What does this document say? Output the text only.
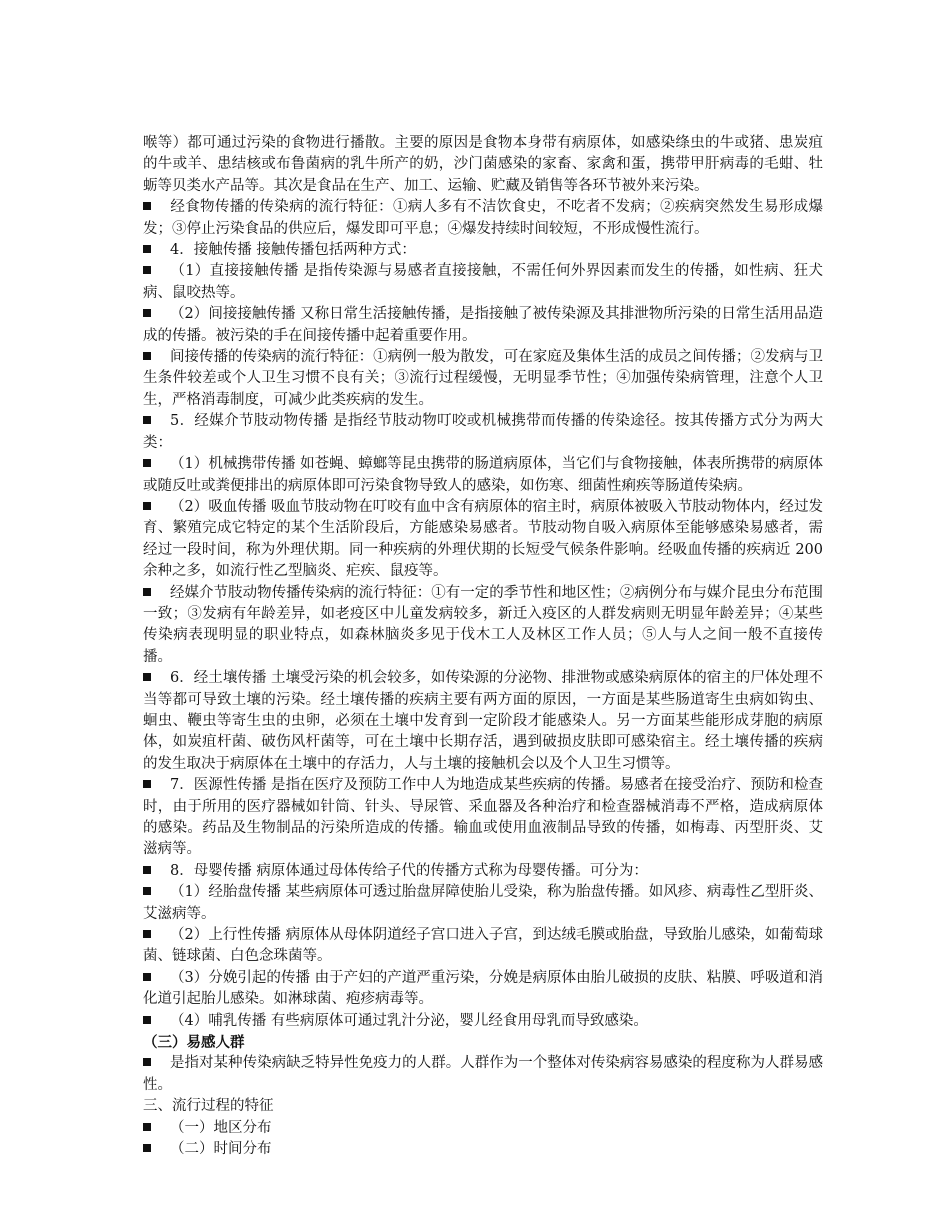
喉等）都可通过污染的食物进行播散。主要的原因是食物本身带有病原体，如感染绦虫的牛或猪、患炭疽的牛或羊、患结核或布鲁菌病的乳牛所产的奶，沙门菌感染的家畜、家禽和蛋，携带甲肝病毒的毛蚶、牡蛎等贝类水产品等。其次是食品在生产、加工、运输、贮藏及销售等各环节被外来污染。

经食物传播的传染病的流行特征：①病人多有不洁饮食史，不吃者不发病；②疾病突然发生易形成爆发；③停止污染食品的供应后，爆发即可平息；④爆发持续时间较短，不形成慢性流行。

4．接触传播 接触传播包括两种方式：

（1）直接接触传播 是指传染源与易感者直接接触，不需任何外界因素而发生的传播，如性病、狂犬病、鼠咬热等。

（2）间接接触传播 又称日常生活接触传播，是指接触了被传染源及其排泄物所污染的日常生活用品造成的传播。被污染的手在间接传播中起着重要作用。

间接传播的传染病的流行特征：①病例一般为散发，可在家庭及集体生活的成员之间传播；②发病与卫生条件较差或个人卫生习惯不良有关；③流行过程缓慢，无明显季节性；④加强传染病管理，注意个人卫生，严格消毒制度，可减少此类疾病的发生。

5．经媒介节肢动物传播 是指经节肢动物叮咬或机械携带而传播的传染途径。按其传播方式分为两大类：

（1）机械携带传播 如苍蝇、蟑螂等昆虫携带的肠道病原体，当它们与食物接触，体表所携带的病原体或随反吐或粪便排出的病原体即可污染食物导致人的感染，如伤寒、细菌性痢疾等肠道传染病。

（2）吸血传播 吸血节肢动物在叮咬有血中含有病原体的宿主时，病原体被吸入节肢动物体内，经过发育、繁殖完成它特定的某个生活阶段后，方能感染易感者。节肢动物自吸入病原体至能够感染易感者，需经过一段时间，称为外理伏期。同一种疾病的外理伏期的长短受气候条件影响。经吸血传播的疾病近 200 余种之多，如流行性乙型脑炎、疟疾、鼠疫等。

经媒介节肢动物传播传染病的流行特征：①有一定的季节性和地区性；②病例分布与媒介昆虫分布范围一致；③发病有年龄差异，如老疫区中儿童发病较多，新迁入疫区的人群发病则无明显年龄差异；④某些传染病表现明显的职业特点，如森林脑炎多见于伐木工人及林区工作人员；⑤人与人之间一般不直接传播。

6．经土壤传播 土壤受污染的机会较多，如传染源的分泌物、排泄物或感染病原体的宿主的尸体处理不当等都可导致土壤的污染。经土壤传播的疾病主要有两方面的原因，一方面是某些肠道寄生虫病如钩虫、蛔虫、鞭虫等寄生虫的虫卵，必须在土壤中发育到一定阶段才能感染人。另一方面某些能形成芽胞的病原体，如炭疽杆菌、破伤风杆菌等，可在土壤中长期存活，遇到破损皮肤即可感染宿主。经土壤传播的疾病的发生取决于病原体在土壤中的存活力，人与土壤的接触机会以及个人卫生习惯等。

7．医源性传播 是指在医疗及预防工作中人为地造成某些疾病的传播。易感者在接受治疗、预防和检查时，由于所用的医疗器械如针筒、针头、导尿管、采血器及各种治疗和检查器械消毒不严格，造成病原体的感染。药品及生物制品的污染所造成的传播。输血或使用血液制品导致的传播，如梅毒、丙型肝炎、艾滋病等。

8．母婴传播 病原体通过母体传给子代的传播方式称为母婴传播。可分为：

（1）经胎盘传播 某些病原体可透过胎盘屏障使胎儿受染，称为胎盘传播。如风疹、病毒性乙型肝炎、艾滋病等。

（2）上行性传播 病原体从母体阴道经子宫口进入子宫，到达绒毛膜或胎盘，导致胎儿感染，如葡萄球菌、链球菌、白色念珠菌等。

（3）分娩引起的传播 由于产妇的产道严重污染，分娩是病原体由胎儿破损的皮肤、粘膜、呼吸道和消化道引起胎儿感染。如淋球菌、疱疹病毒等。

（4）哺乳传播 有些病原体可通过乳汁分泌，婴儿经食用母乳而导致感染。

（三）易感人群

是指对某种传染病缺乏特异性免疫力的人群。人群作为一个整体对传染病容易感染的程度称为人群易感性。

三、流行过程的特征

（一）地区分布

（二）时间分布
